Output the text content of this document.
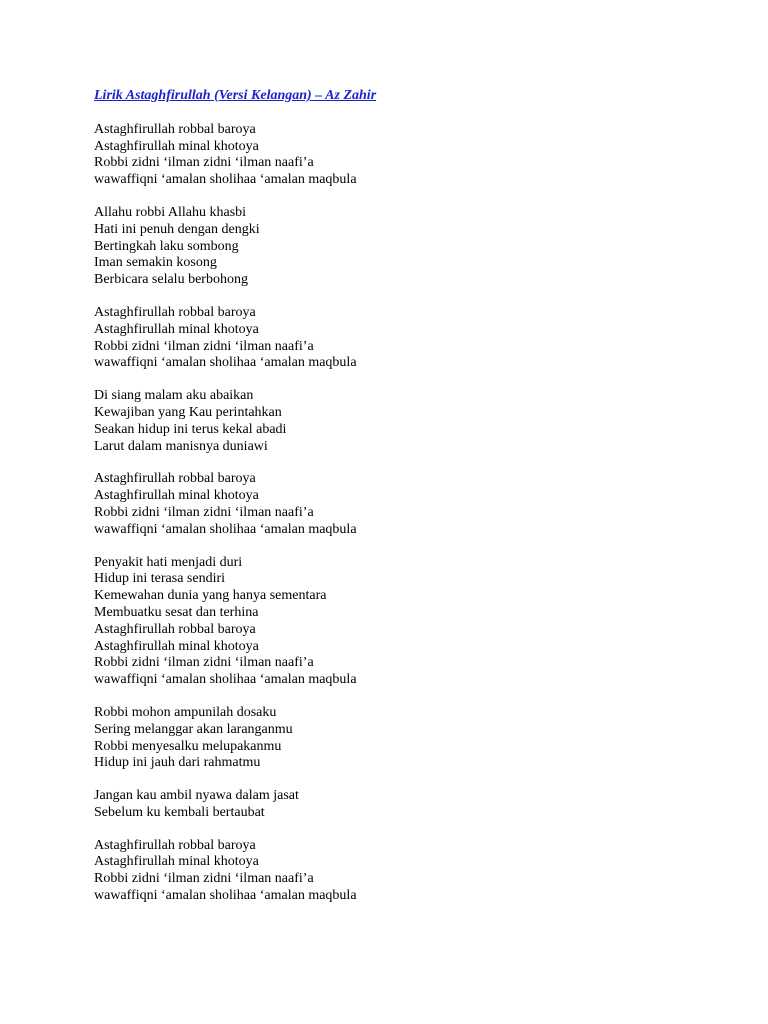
Lirik Astaghfirullah (Versi Kelangan) – Az Zahir
Astaghfirullah robbal baroya
Astaghfirullah minal khotoya
Robbi zidni ‘ilman zidni ‘ilman naafi’a
wawaffiqni ‘amalan sholihaa ‘amalan maqbula
Allahu robbi Allahu khasbi
Hati ini penuh dengan dengki
Bertingkah laku sombong
Iman semakin kosong
Berbicara selalu berbohong
Astaghfirullah robbal baroya
Astaghfirullah minal khotoya
Robbi zidni ‘ilman zidni ‘ilman naafi’a
wawaffiqni ‘amalan sholihaa ‘amalan maqbula
Di siang malam aku abaikan
Kewajiban yang Kau perintahkan
Seakan hidup ini terus kekal abadi
Larut dalam manisnya duniawi
Astaghfirullah robbal baroya
Astaghfirullah minal khotoya
Robbi zidni ‘ilman zidni ‘ilman naafi’a
wawaffiqni ‘amalan sholihaa ‘amalan maqbula
Penyakit hati menjadi duri
Hidup ini terasa sendiri
Kemewahan dunia yang hanya sementara
Membuatku sesat dan terhina
Astaghfirullah robbal baroya
Astaghfirullah minal khotoya
Robbi zidni ‘ilman zidni ‘ilman naafi’a
wawaffiqni ‘amalan sholihaa ‘amalan maqbula
Robbi mohon ampunilah dosaku
Sering melanggar akan laranganmu
Robbi menyesalku melupakanmu
Hidup ini jauh dari rahmatmu
Jangan kau ambil nyawa dalam jasat
Sebelum ku kembali bertaubat
Astaghfirullah robbal baroya
Astaghfirullah minal khotoya
Robbi zidni ‘ilman zidni ‘ilman naafi’a
wawaffiqni ‘amalan sholihaa ‘amalan maqbula
